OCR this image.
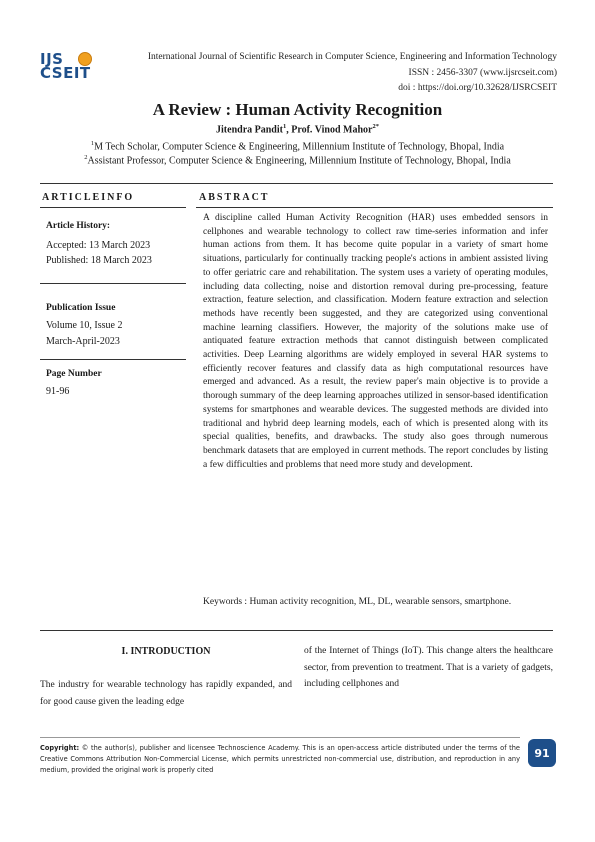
IJS
CSEIT
International Journal of Scientific Research in Computer Science, Engineering and Information Technology
ISSN : 2456-3307 (www.ijsrcseit.com)
doi : https://doi.org/10.32628/IJSRCSEIT
A Review : Human Activity Recognition
Jitendra Pandit$^1$, Prof. Vinod Mahor$^{2*}$
$^1$M Tech Scholar, Computer Science & Engineering, Millennium Institute of Technology, Bhopal, India
$^2$Assistant Professor, Computer Science & Engineering, Millennium Institute of Technology, Bhopal, India
ARTICLEINFO	ABSTRACT
Article History:
Accepted: 13 March 2023
Published: 18 March 2023
Publication Issue
Volume 10, Issue 2
March-April-2023
Page Number
91-96

A discipline called Human Activity Recognition (HAR) uses embedded sensors in cellphones and wearable technology to collect raw time-series information and infer human actions from them. It has become quite popular in a variety of smart home situations, particularly for continually tracking people's actions in ambient assisted living to offer geriatric care and rehabilitation. The system uses a variety of operating modules, including data collecting, noise and distortion removal during pre-processing, feature extraction, feature selection, and classification. Modern feature extraction and selection methods have recently been suggested, and they are categorized using conventional machine learning classifiers. However, the majority of the solutions make use of antiquated feature extraction methods that cannot distinguish between complicated activities. Deep Learning algorithms are widely employed in several HAR systems to efficiently recover features and classify data as high computational resources have emerged and advanced. As a result, the review paper's main objective is to provide a thorough summary of the deep learning approaches utilized in sensor-based identification systems for smartphones and wearable devices. The suggested methods are divided into traditional and hybrid deep learning models, each of which is presented along with its special qualities, benefits, and drawbacks. The study also goes through numerous benchmark datasets that are employed in current methods. The report concludes by listing a few difficulties and problems that need more study and development.

Keywords : Human activity recognition, ML, DL, wearable sensors, smartphone.
I. INTRODUCTION
The industry for wearable technology has rapidly expanded, and for good cause given the leading edge
of the Internet of Things (IoT). This change alters the healthcare sector, from prevention to treatment. That is a variety of gadgets, including cellphones and
Copyright: © the author(s), publisher and licensee Technoscience Academy. This is an open-access article distributed under the terms of the Creative Commons Attribution Non-Commercial License, which permits unrestricted non-commercial use, distribution, and reproduction in any medium, provided the original work is properly cited
91
